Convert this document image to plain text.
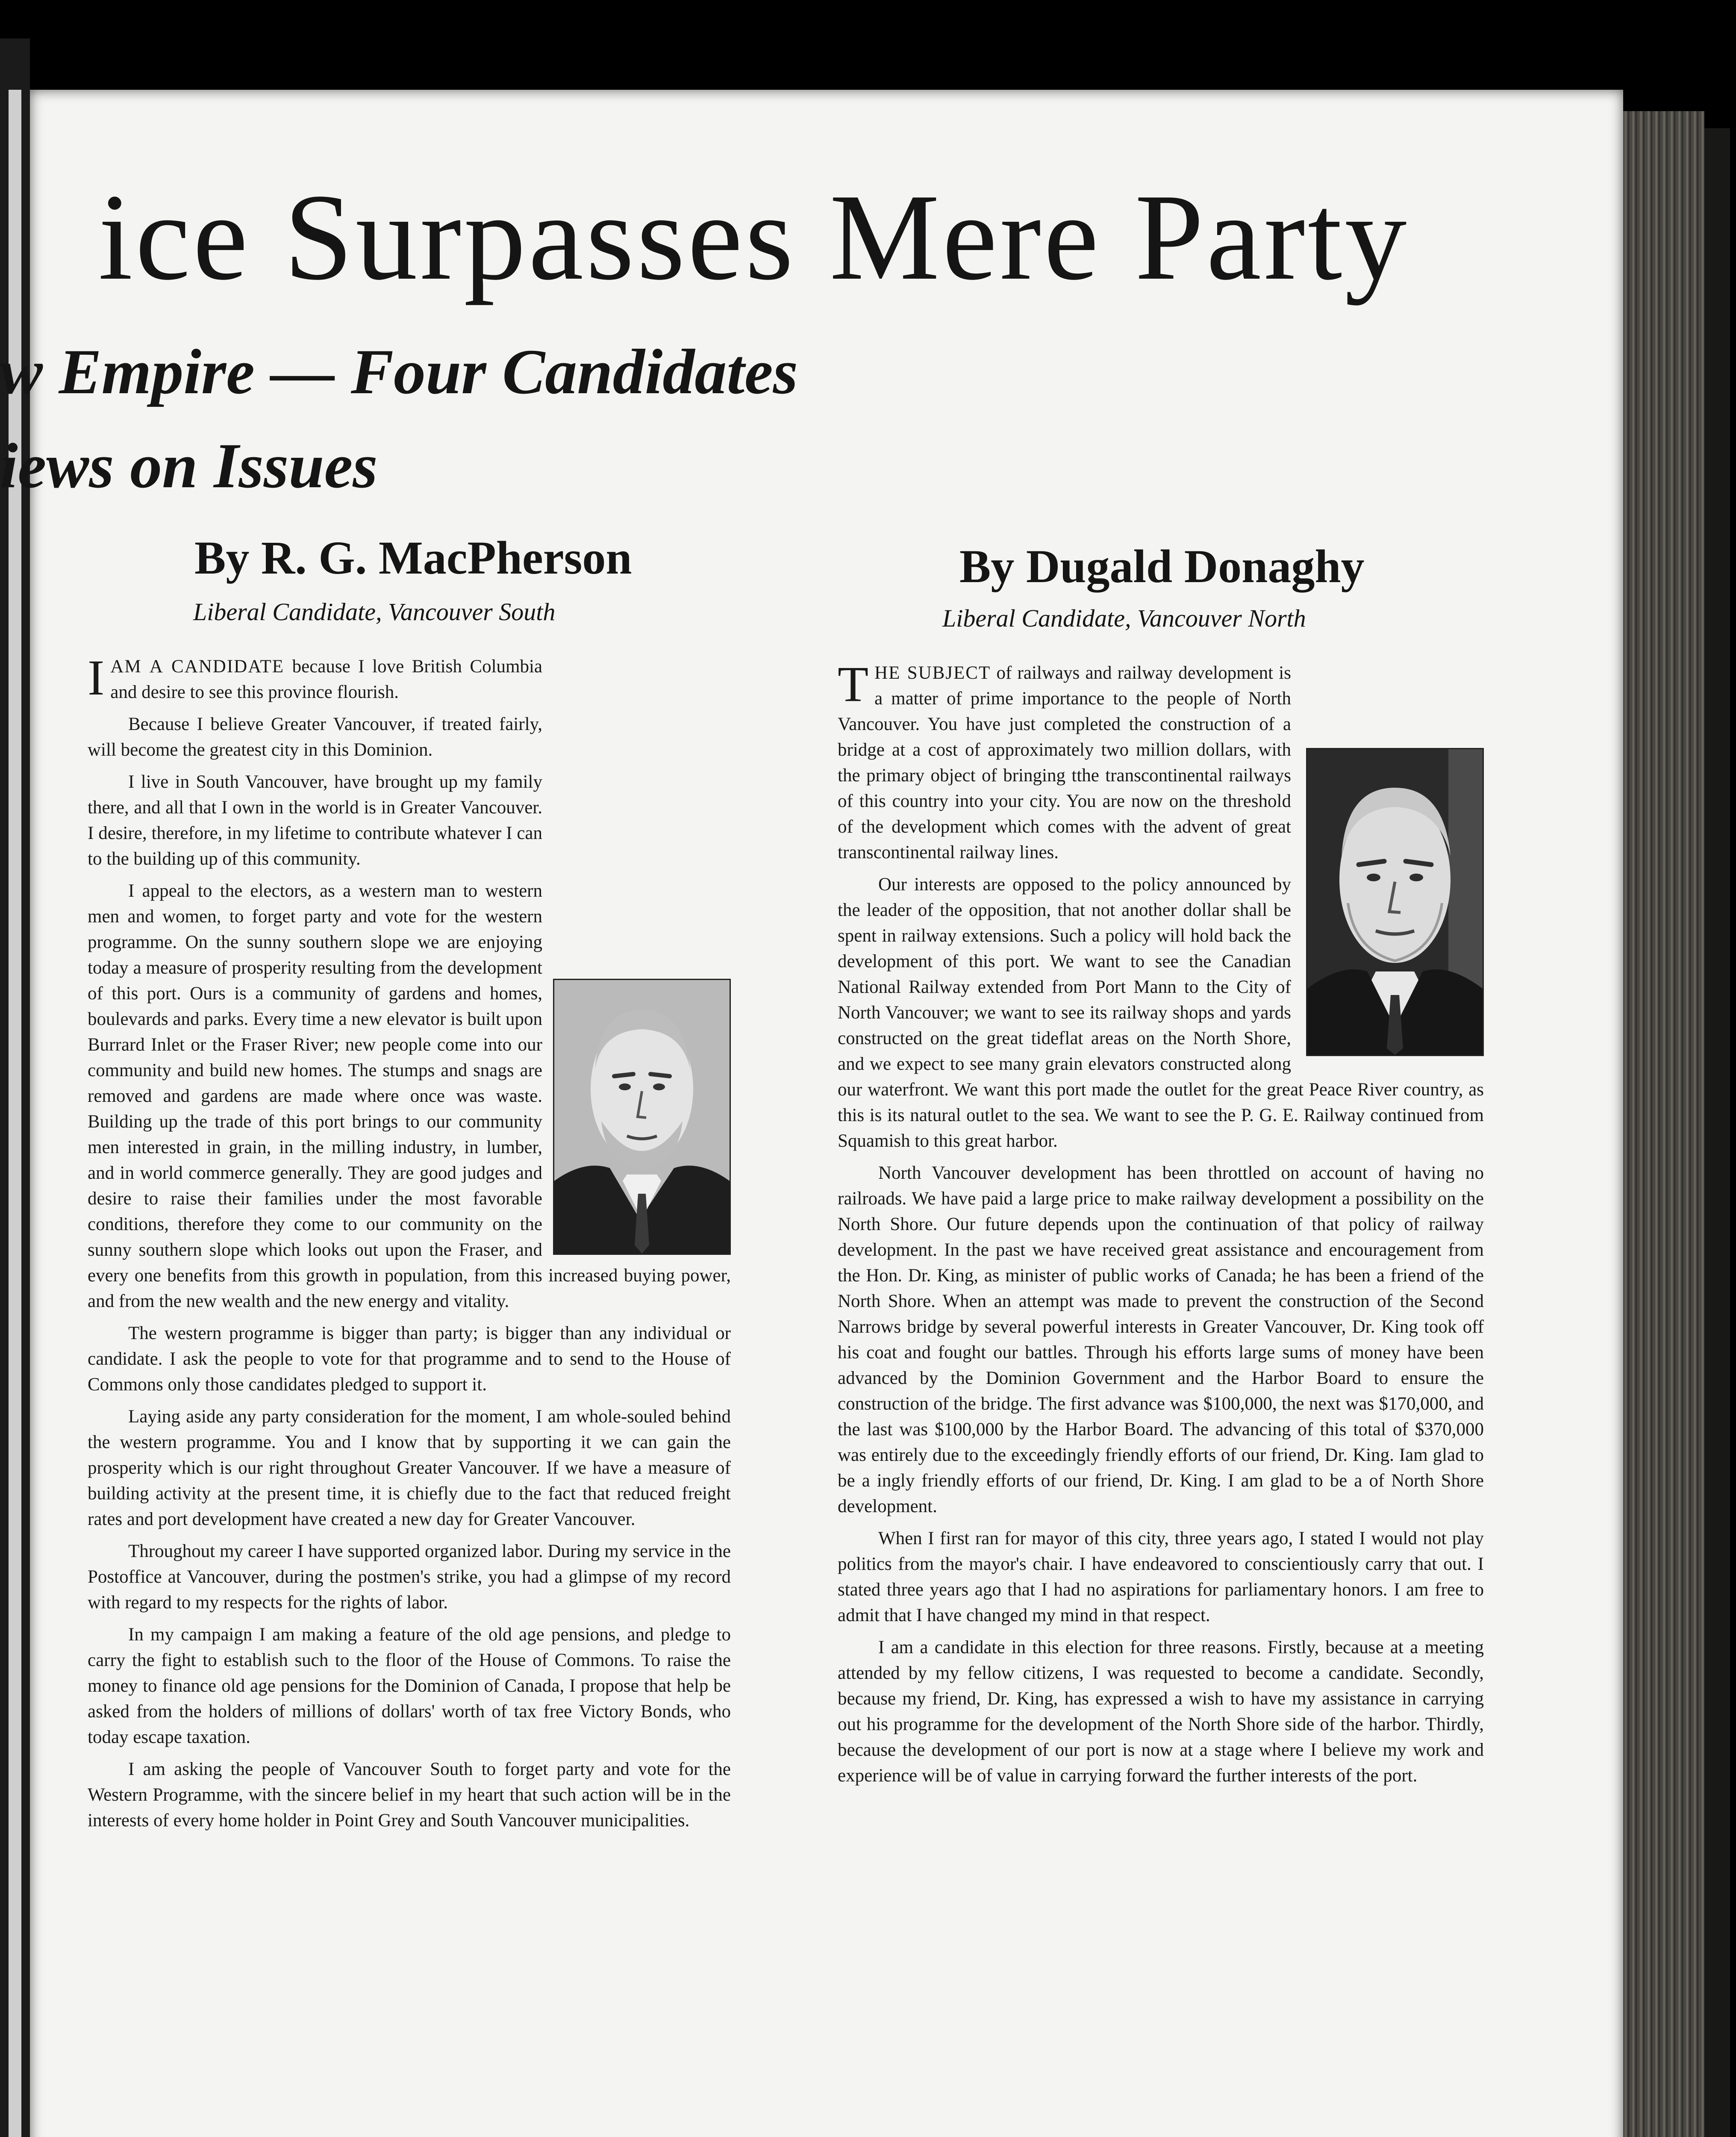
ice Surpasses Mere Party
w Empire — Four Candidates
iews on Issues
By R. G. MacPherson
Liberal Candidate, Vancouver South

IAM A CANDIDATE because I love British Columbia and desire to see this province flourish.

Because I believe Greater Vancouver, if treated fairly, will become the greatest city in this Dominion.

I live in South Vancouver, have brought up my family there, and all that I own in the world is in Greater Vancouver. I desire, therefore, in my lifetime to contribute whatever I can to the building up of this community.

I appeal to the electors, as a western man to western men and women, to forget party and vote for the western programme. On the sunny southern slope we are enjoying today a measure of prosperity resulting from the development of this port. Ours is a community of gardens and homes, boulevards and parks. Every time a new elevator is built upon Burrard Inlet or the Fraser River; new people come into our community and build new homes. The stumps and snags are removed and gardens are made where once was waste. Building up the trade of this port brings to our community men interested in grain, in the milling industry, in lumber, and in world commerce generally. They are good judges and desire to raise their families under the most favorable conditions, therefore they come to our community on the sunny southern slope which looks out upon the Fraser, and every one benefits from this growth in population, from this increased buying power, and from the new wealth and the new energy and vitality.

The western programme is bigger than party; is bigger than any individual or candidate. I ask the people to vote for that programme and to send to the House of Commons only those candidates pledged to support it.

Laying aside any party consideration for the moment, I am whole-souled behind the western programme. You and I know that by supporting it we can gain the prosperity which is our right throughout Greater Vancouver. If we have a measure of building activity at the present time, it is chiefly due to the fact that reduced freight rates and port development have created a new day for Greater Vancouver.

Throughout my career I have supported organized labor. During my service in the Postoffice at Vancouver, during the postmen's strike, you had a glimpse of my record with regard to my respects for the rights of labor.

In my campaign I am making a feature of the old age pensions, and pledge to carry the fight to establish such to the floor of the House of Commons. To raise the money to finance old age pensions for the Dominion of Canada, I propose that help be asked from the holders of millions of dollars' worth of tax free Victory Bonds, who today escape taxation.

I am asking the people of Vancouver South to forget party and vote for the Western Programme, with the sincere belief in my heart that such action will be in the interests of every home holder in Point Grey and South Vancouver municipalities.

By Dugald Donaghy
Liberal Candidate, Vancouver North

THE SUBJECT of railways and railway development is a matter of prime importance to the people of North Vancouver. You have just completed the construction of a bridge at a cost of approximately two million dollars, with the primary object of bringing tthe transcontinental railways of this country into your city. You are now on the threshold of the development which comes with the advent of great transcontinental railway lines.

Our interests are opposed to the policy announced by the leader of the opposition, that not another dollar shall be spent in railway extensions. Such a policy will hold back the development of this port. We want to see the Canadian National Railway extended from Port Mann to the City of North Vancouver; we want to see its railway shops and yards constructed on the great tideflat areas on the North Shore, and we expect to see many grain elevators constructed along our waterfront. We want this port made the outlet for the great Peace River country, as this is its natural outlet to the sea. We want to see the P. G. E. Railway continued from Squamish to this great harbor.

North Vancouver development has been throttled on account of having no railroads. We have paid a large price to make railway development a possibility on the North Shore. Our future depends upon the continuation of that policy of railway development. In the past we have received great assistance and encouragement from the Hon. Dr. King, as minister of public works of Canada; he has been a friend of the North Shore. When an attempt was made to prevent the construction of the Second Narrows bridge by several powerful interests in Greater Vancouver, Dr. King took off his coat and fought our battles. Through his efforts large sums of money have been advanced by the Dominion Government and the Harbor Board to ensure the construction of the bridge. The first advance was $100,000, the next was $170,000, and the last was $100,000 by the Harbor Board. The advancing of this total of $370,000 was entirely due to the exceedingly friendly efforts of our friend, Dr. King. Iam glad to be a ingly friendly efforts of our friend, Dr. King. I am glad to be a of North Shore development.

When I first ran for mayor of this city, three years ago, I stated I would not play politics from the mayor's chair. I have endeavored to conscientiously carry that out. I stated three years ago that I had no aspirations for parliamentary honors. I am free to admit that I have changed my mind in that respect.

I am a candidate in this election for three reasons. Firstly, because at a meeting attended by my fellow citizens, I was requested to become a candidate. Secondly, because my friend, Dr. King, has expressed a wish to have my assistance in carrying out his programme for the development of the North Shore side of the harbor. Thirdly, because the development of our port is now at a stage where I believe my work and experience will be of value in carrying forward the further interests of the port.
